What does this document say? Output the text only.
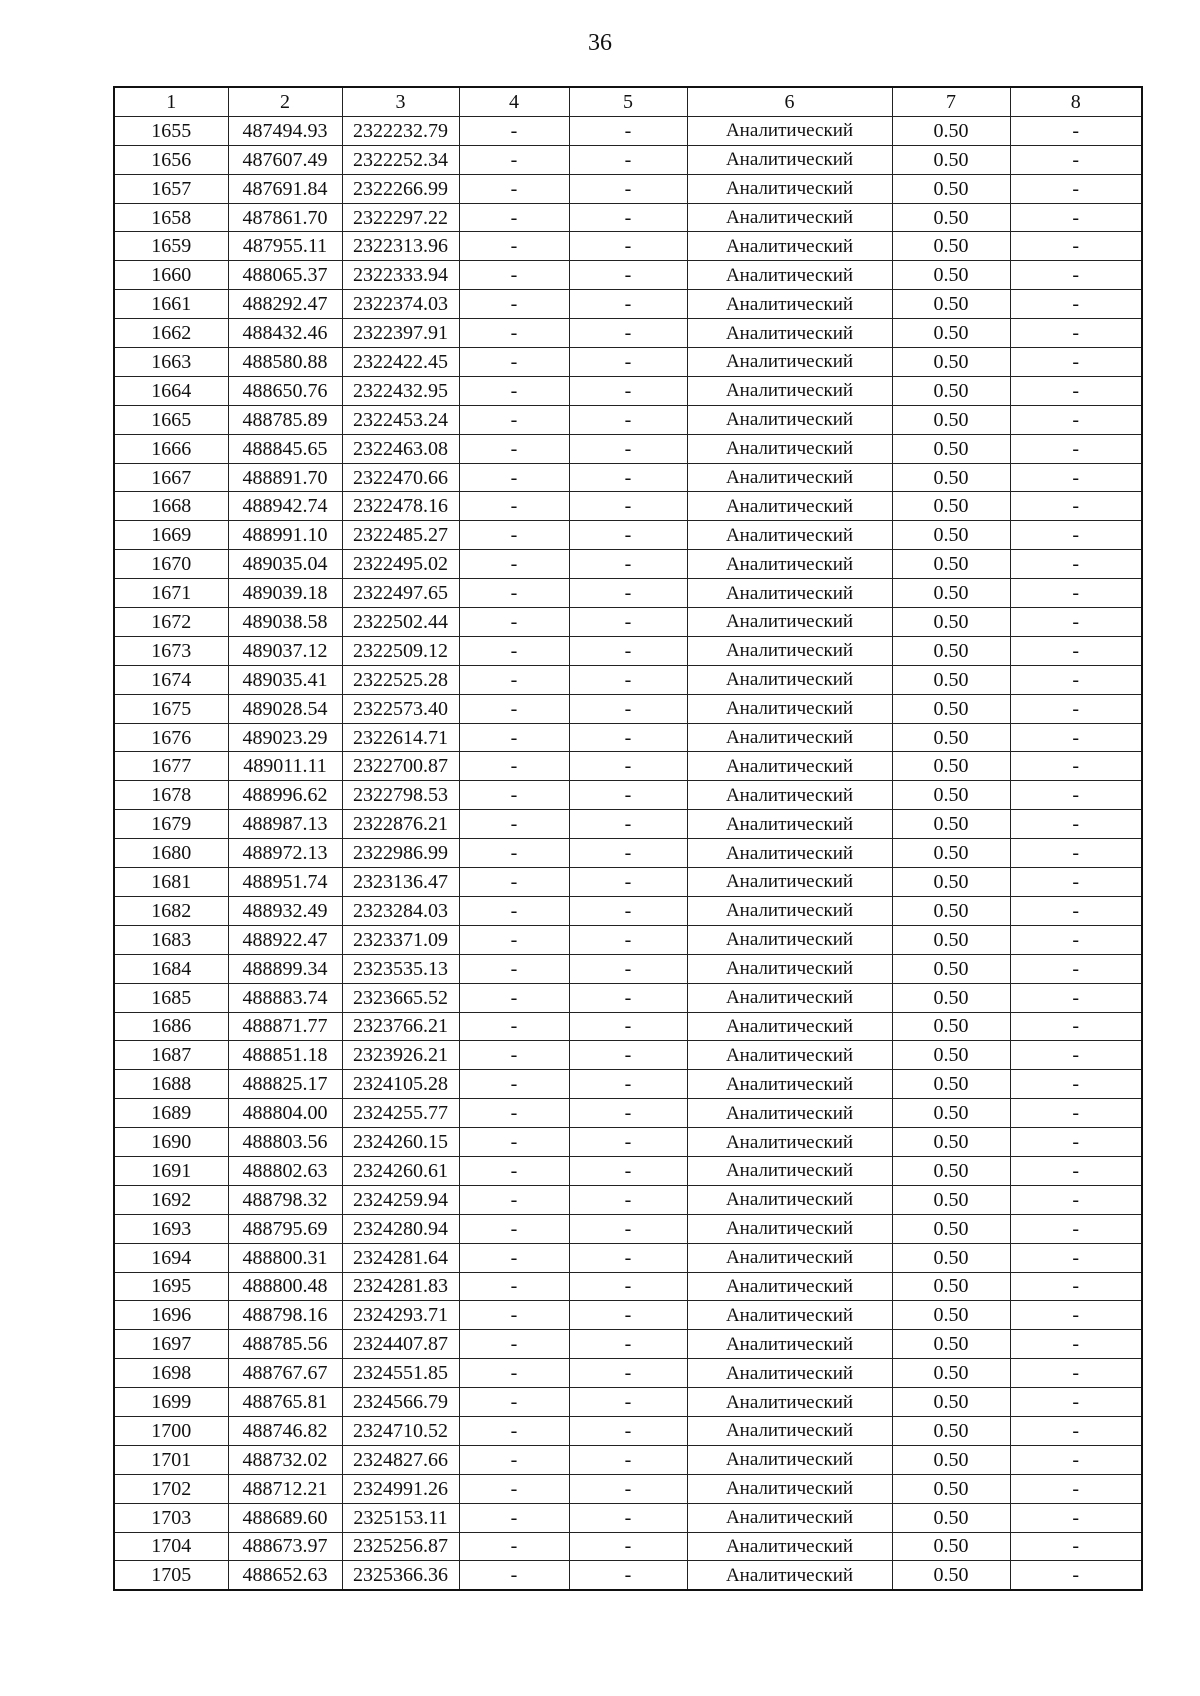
36
1	2	3	4	5	6	7	8
1655	487494.93	2322232.79	-	-	Аналитический	0.50	-
1656	487607.49	2322252.34	-	-	Аналитический	0.50	-
1657	487691.84	2322266.99	-	-	Аналитический	0.50	-
1658	487861.70	2322297.22	-	-	Аналитический	0.50	-
1659	487955.11	2322313.96	-	-	Аналитический	0.50	-
1660	488065.37	2322333.94	-	-	Аналитический	0.50	-
1661	488292.47	2322374.03	-	-	Аналитический	0.50	-
1662	488432.46	2322397.91	-	-	Аналитический	0.50	-
1663	488580.88	2322422.45	-	-	Аналитический	0.50	-
1664	488650.76	2322432.95	-	-	Аналитический	0.50	-
1665	488785.89	2322453.24	-	-	Аналитический	0.50	-
1666	488845.65	2322463.08	-	-	Аналитический	0.50	-
1667	488891.70	2322470.66	-	-	Аналитический	0.50	-
1668	488942.74	2322478.16	-	-	Аналитический	0.50	-
1669	488991.10	2322485.27	-	-	Аналитический	0.50	-
1670	489035.04	2322495.02	-	-	Аналитический	0.50	-
1671	489039.18	2322497.65	-	-	Аналитический	0.50	-
1672	489038.58	2322502.44	-	-	Аналитический	0.50	-
1673	489037.12	2322509.12	-	-	Аналитический	0.50	-
1674	489035.41	2322525.28	-	-	Аналитический	0.50	-
1675	489028.54	2322573.40	-	-	Аналитический	0.50	-
1676	489023.29	2322614.71	-	-	Аналитический	0.50	-
1677	489011.11	2322700.87	-	-	Аналитический	0.50	-
1678	488996.62	2322798.53	-	-	Аналитический	0.50	-
1679	488987.13	2322876.21	-	-	Аналитический	0.50	-
1680	488972.13	2322986.99	-	-	Аналитический	0.50	-
1681	488951.74	2323136.47	-	-	Аналитический	0.50	-
1682	488932.49	2323284.03	-	-	Аналитический	0.50	-
1683	488922.47	2323371.09	-	-	Аналитический	0.50	-
1684	488899.34	2323535.13	-	-	Аналитический	0.50	-
1685	488883.74	2323665.52	-	-	Аналитический	0.50	-
1686	488871.77	2323766.21	-	-	Аналитический	0.50	-
1687	488851.18	2323926.21	-	-	Аналитический	0.50	-
1688	488825.17	2324105.28	-	-	Аналитический	0.50	-
1689	488804.00	2324255.77	-	-	Аналитический	0.50	-
1690	488803.56	2324260.15	-	-	Аналитический	0.50	-
1691	488802.63	2324260.61	-	-	Аналитический	0.50	-
1692	488798.32	2324259.94	-	-	Аналитический	0.50	-
1693	488795.69	2324280.94	-	-	Аналитический	0.50	-
1694	488800.31	2324281.64	-	-	Аналитический	0.50	-
1695	488800.48	2324281.83	-	-	Аналитический	0.50	-
1696	488798.16	2324293.71	-	-	Аналитический	0.50	-
1697	488785.56	2324407.87	-	-	Аналитический	0.50	-
1698	488767.67	2324551.85	-	-	Аналитический	0.50	-
1699	488765.81	2324566.79	-	-	Аналитический	0.50	-
1700	488746.82	2324710.52	-	-	Аналитический	0.50	-
1701	488732.02	2324827.66	-	-	Аналитический	0.50	-
1702	488712.21	2324991.26	-	-	Аналитический	0.50	-
1703	488689.60	2325153.11	-	-	Аналитический	0.50	-
1704	488673.97	2325256.87	-	-	Аналитический	0.50	-
1705	488652.63	2325366.36	-	-	Аналитический	0.50	-
